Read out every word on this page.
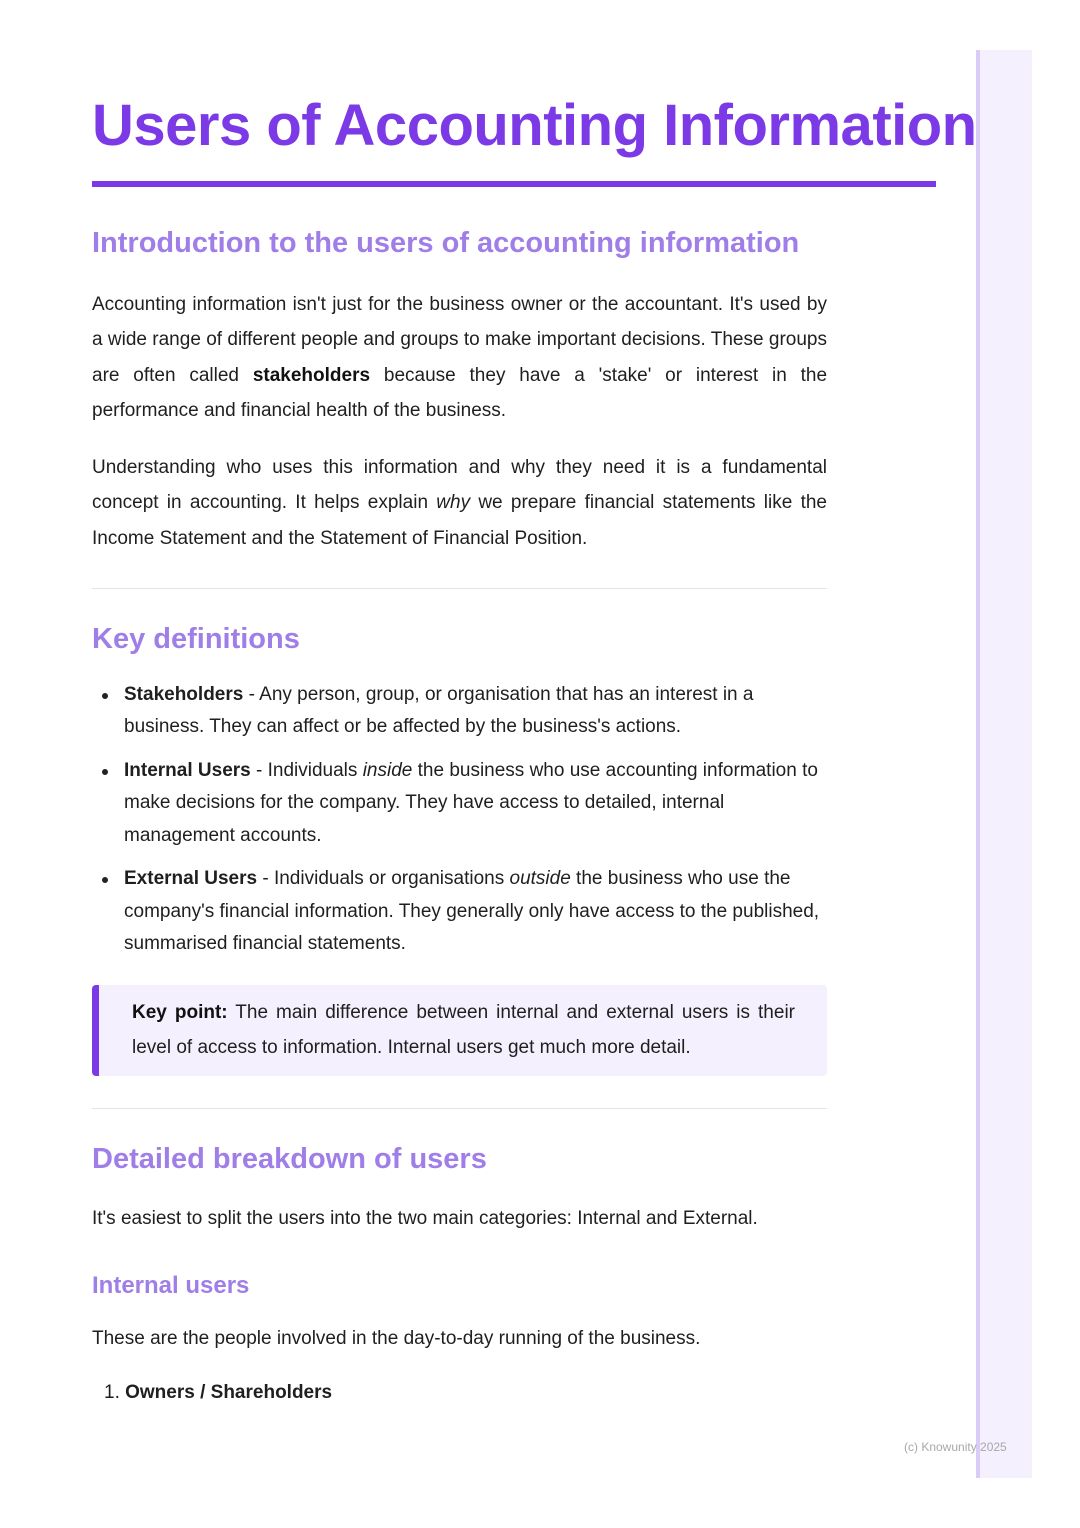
Users of Accounting Information
Introduction to the users of accounting information

Accounting information isn't just for the business owner or the accountant. It's used by a wide range of different people and groups to make important decisions. These groups are often called stakeholders because they have a 'stake' or interest in the performance and financial health of the business.

Understanding who uses this information and why they need it is a fundamental concept in accounting. It helps explain why we prepare financial statements like the Income Statement and the Statement of Financial Position.

Key definitions
Stakeholders - Any person, group, or organisation that has an interest in a business. They can affect or be affected by the business's actions.
Internal Users - Individuals inside the business who use accounting information to make decisions for the company. They have access to detailed, internal management accounts.
External Users - Individuals or organisations outside the business who use the company's financial information. They generally only have access to the published, summarised financial statements.

Key point: The main difference between internal and external users is their level of access to information. Internal users get much more detail.

Detailed breakdown of users

It's easiest to split the users into the two main categories: Internal and External.

Internal users

These are the people involved in the day-to-day running of the business.

1. Owners / Shareholders
(c) Knowunity 2025
